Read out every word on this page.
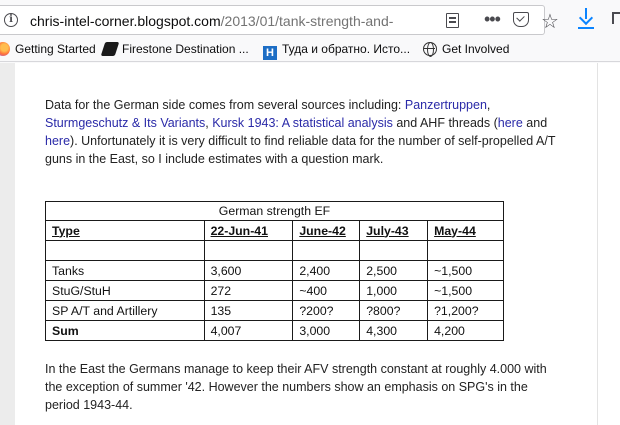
i	chris-intel-corner.blogspot.com/2013/01/tank-strength-and-	••• ☆
Getting Started	Firestone Destination ... H Туда и обратно. Исто...	Get Involved

Data for the German side comes from several sources including: Panzertruppen, Sturmgeschutz & Its Variants, Kursk 1943: A statistical analysis and AHF threads (here and here). Unfortunately it is very difficult to find reliable data for the number of self-propelled A/T guns in the East, so I include estimates with a question mark.

German strength EF				
Type	22-Jun-41	June-42	July-43	May-44

Tanks	3,600	2,400	2,500	~1,500
StuG/StuH	272	~400	1,000	~1,500
SP A/T and Artillery	135	?200?	?800?	?1,200?
Sum	4,007	3,000	4,300	4,200

In the East the Germans manage to keep their AFV strength constant at roughly 4.000 with the exception of summer '42. However the numbers show an emphasis on SPG's in the period 1943-44.
